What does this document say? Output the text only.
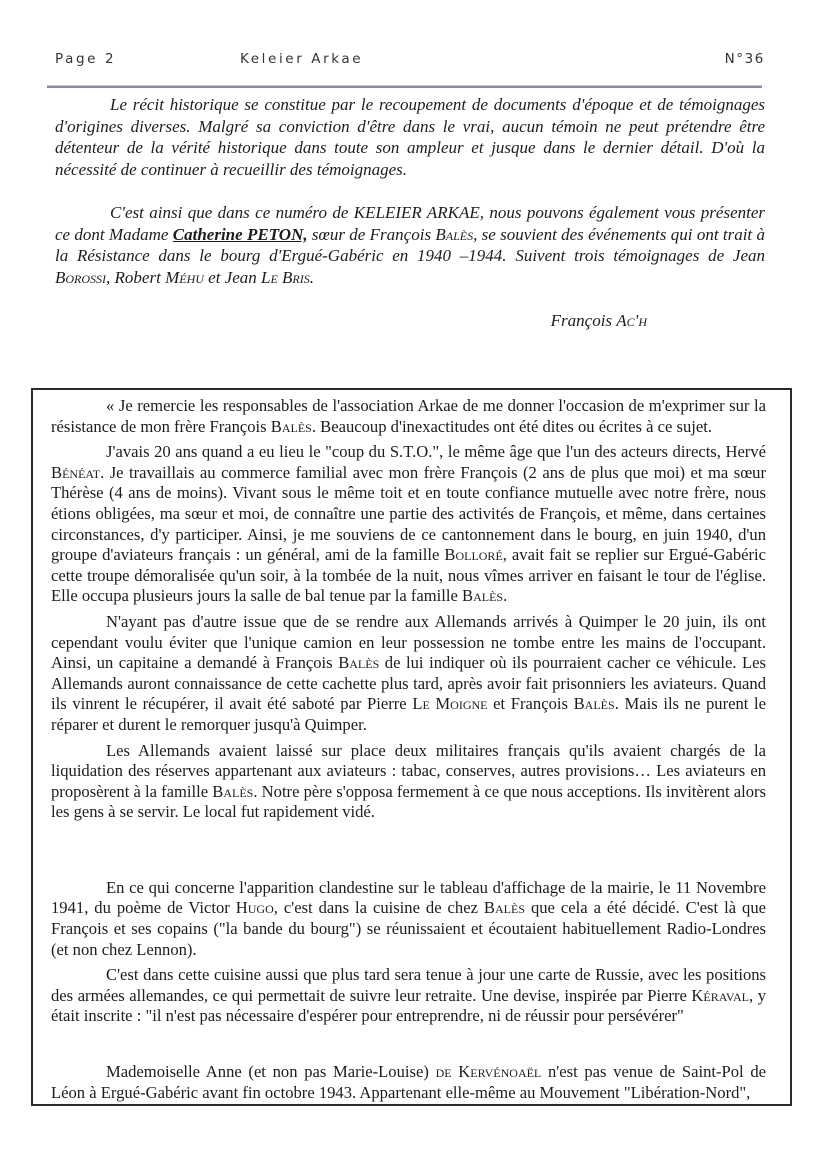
Page 2	Keleier Arkae	N°36

Le récit historique se constitue par le recoupement de documents d'époque et de témoignages d'origines diverses. Malgré sa conviction d'être dans le vrai, aucun témoin ne peut prétendre être détenteur de la vérité historique dans toute son ampleur et jusque dans le dernier détail. D'où la nécessité de continuer à recueillir des témoignages.

C'est ainsi que dans ce numéro de KELEIER ARKAE, nous pouvons également vous présenter ce dont Madame Catherine PETON, sœur de François Balès, se souvient des événements qui ont trait à la Résistance dans le bourg d'Ergué-Gabéric en 1940 –1944. Suivent trois témoignages de Jean Borossi, Robert Méhu et Jean Le Bris.

François Ac'h

« Je remercie les responsables de l'association Arkae de me donner l'occasion de m'exprimer sur la résistance de mon frère François Balès. Beaucoup d'inexactitudes ont été dites ou écrites à ce sujet.

J'avais 20 ans quand a eu lieu le "coup du S.T.O.", le même âge que l'un des acteurs directs, Hervé Bénéat. Je travaillais au commerce familial avec mon frère François (2 ans de plus que moi) et ma sœur Thérèse (4 ans de moins). Vivant sous le même toit et en toute confiance mutuelle avec notre frère, nous étions obligées, ma sœur et moi, de connaître une partie des activités de François, et même, dans certaines circonstances, d'y participer. Ainsi, je me souviens de ce cantonnement dans le bourg, en juin 1940, d'un groupe d'aviateurs français : un général, ami de la famille Bolloré, avait fait se replier sur Ergué-Gabéric cette troupe démoralisée qu'un soir, à la tombée de la nuit, nous vîmes arriver en faisant le tour de l'église. Elle occupa plusieurs jours la salle de bal tenue par la famille Balès.

N'ayant pas d'autre issue que de se rendre aux Allemands arrivés à Quimper le 20 juin, ils ont cependant voulu éviter que l'unique camion en leur possession ne tombe entre les mains de l'occupant. Ainsi, un capitaine a demandé à François Balès de lui indiquer où ils pourraient cacher ce véhicule. Les Allemands auront connaissance de cette cachette plus tard, après avoir fait prisonniers les aviateurs. Quand ils vinrent le récupérer, il avait été saboté par Pierre Le Moigne et François Balès. Mais ils ne purent le réparer et durent le remorquer jusqu'à Quimper.

Les Allemands avaient laissé sur place deux militaires français qu'ils avaient chargés de la liquidation des réserves appartenant aux aviateurs : tabac, conserves, autres provisions… Les aviateurs en proposèrent à la famille Balès. Notre père s'opposa fermement à ce que nous acceptions. Ils invitèrent alors les gens à se servir. Le local fut rapidement vidé.

En ce qui concerne l'apparition clandestine sur le tableau d'affichage de la mairie, le 11 Novembre 1941, du poème de Victor Hugo, c'est dans la cuisine de chez Balès que cela a été décidé. C'est là que François et ses copains ("la bande du bourg") se réunissaient et écoutaient habituellement Radio-Londres (et non chez Lennon).

C'est dans cette cuisine aussi que plus tard sera tenue à jour une carte de Russie, avec les positions des armées allemandes, ce qui permettait de suivre leur retraite. Une devise, inspirée par Pierre Kéraval, y était inscrite : "il n'est pas nécessaire d'espérer pour entreprendre, ni de réussir pour persévérer"

Mademoiselle Anne (et non pas Marie-Louise) de Kervénoaël n'est pas venue de Saint-Pol de Léon à Ergué-Gabéric avant fin octobre 1943. Appartenant elle-même au Mouvement "Libération-Nord",
